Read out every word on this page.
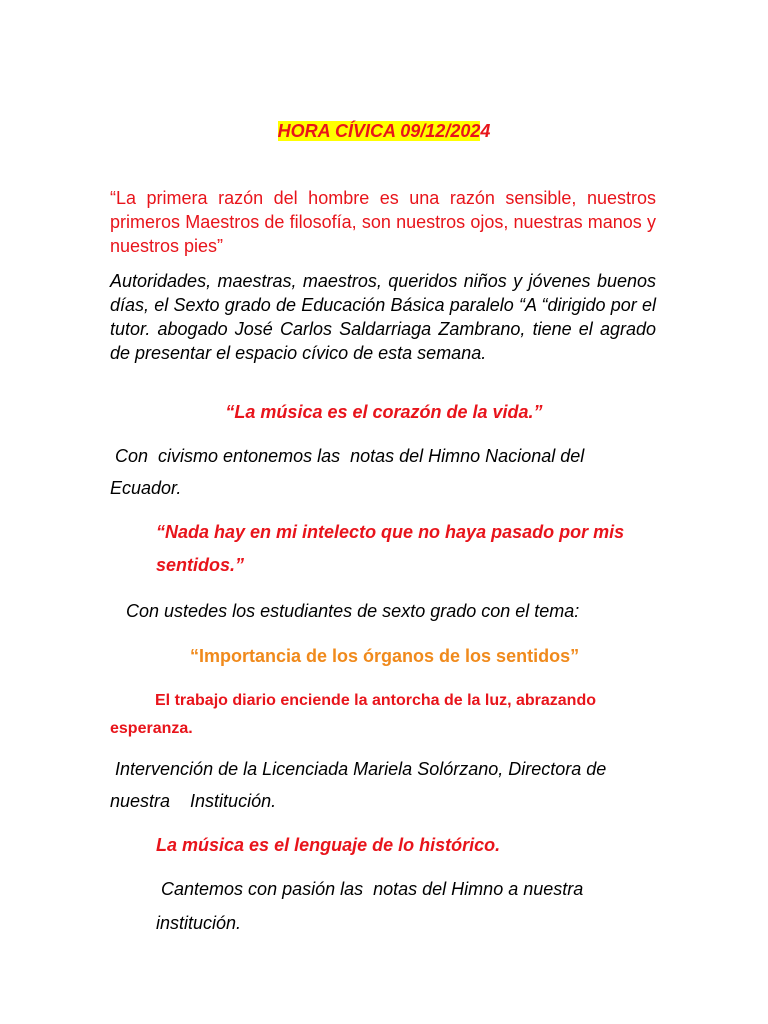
HORA CÍVICA 09/12/2024

“La primera razón del hombre es una razón sensible, nuestros primeros Maestros de filosofía, son nuestros ojos, nuestras manos y nuestros pies”

Autoridades, maestras, maestros, queridos niños y jóvenes buenos días, el Sexto grado de Educación Básica paralelo “A “dirigido por el tutor. abogado José Carlos Saldarriaga Zambrano, tiene el agrado de presentar el espacio cívico de esta semana.

“La música es el corazón de la vida.”

Con  civismo entonemos las  notas del Himno Nacional del Ecuador.

“Nada hay en mi intelecto que no haya pasado por mis sentidos.”

Con ustedes los estudiantes de sexto grado con el tema:

“Importancia de los órganos de los sentidos”

El trabajo diario enciende la antorcha de la luz, abrazando esperanza.

Intervención de la Licenciada Mariela Solórzano, Directora de nuestra    Institución.

La música es el lenguaje de lo histórico.

Cantemos con pasión las  notas del Himno a nuestra institución.
